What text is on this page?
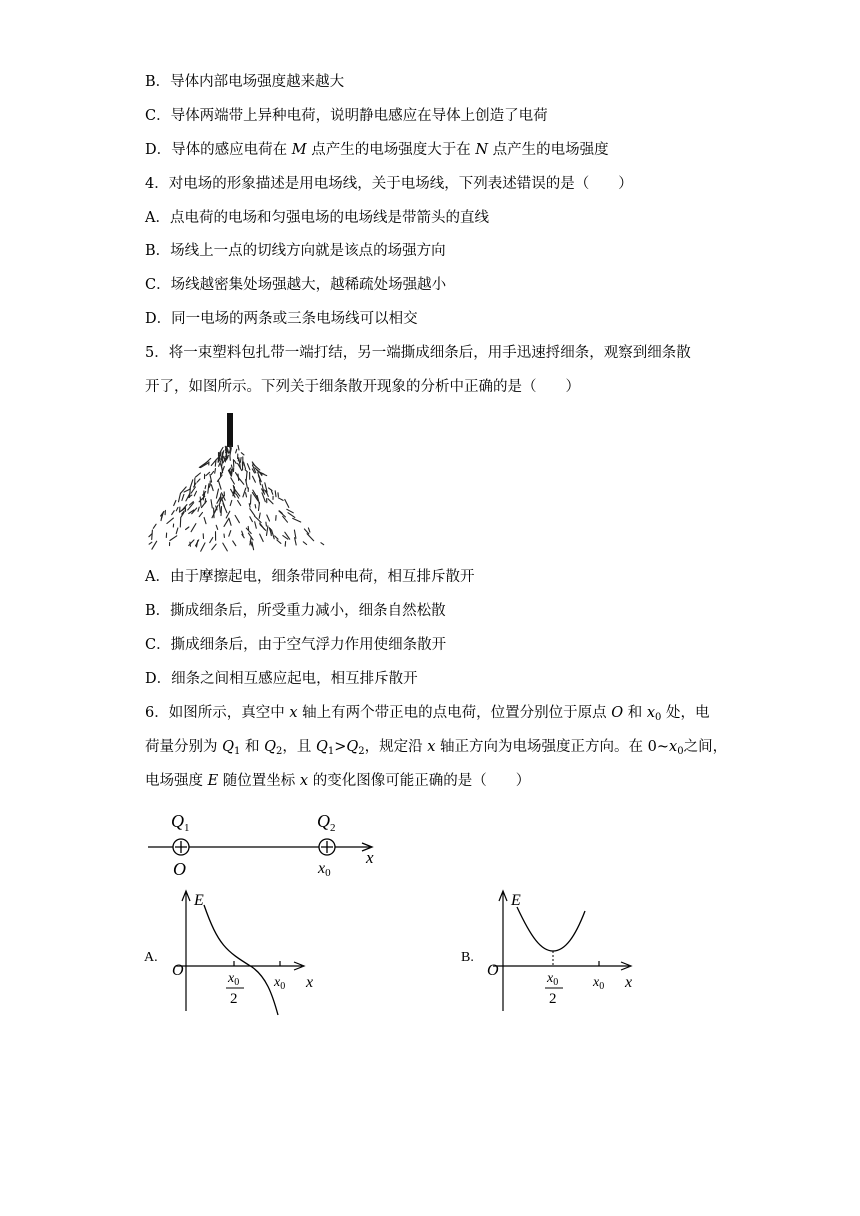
B．导体内部电场强度越来越大
C．导体两端带上异种电荷，说明静电感应在导体上创造了电荷
D．导体的感应电荷在 M 点产生的电场强度大于在 N 点产生的电场强度
4．对电场的形象描述是用电场线，关于电场线，下列表述错误的是（　　）
A．点电荷的电场和匀强电场的电场线是带箭头的直线
B．场线上一点的切线方向就是该点的场强方向
C．场线越密集处场强越大，越稀疏处场强越小
D．同一电场的两条或三条电场线可以相交
5．将一束塑料包扎带一端打结，另一端撕成细条后，用手迅速捋细条，观察到细条散
开了，如图所示。下列关于细条散开现象的分析中正确的是（　　）
A．由于摩擦起电，细条带同种电荷，相互排斥散开
B．撕成细条后，所受重力减小，细条自然松散
C．撕成细条后，由于空气浮力作用使细条散开
D．细条之间相互感应起电，相互排斥散开
6．如图所示，真空中 x 轴上有两个带正电的点电荷，位置分别位于原点 O 和 $x_0$ 处，电
荷量分别为 $Q_1$ 和 $Q_2$，且 $Q_1>Q_2$，规定沿 x 轴正方向为电场强度正方向。在 $0\sim x_0$之间，
电场强度 E 随位置坐标 x 的变化图像可能正确的是（　　）
$Q_1$	$Q_2$
O	x0
x
A.
E
O
x
$x_0$
2
$x_0$
B.
E
O
x
$x_0$
2
$x_0$
